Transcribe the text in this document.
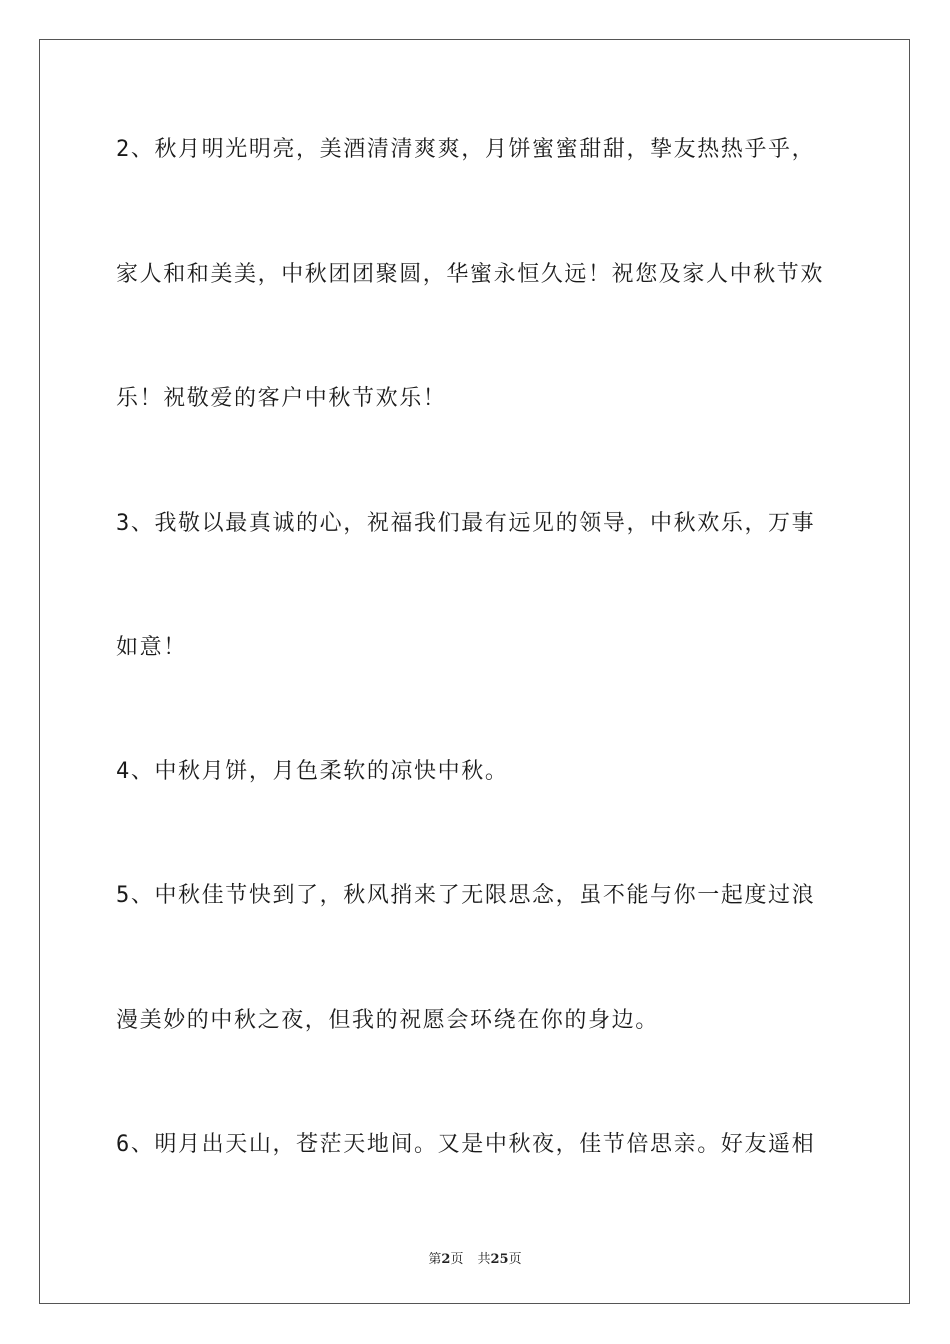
2、秋月明光明亮，美酒清清爽爽，月饼蜜蜜甜甜，挚友热热乎乎，
家人和和美美，中秋团团聚圆，华蜜永恒久远！祝您及家人中秋节欢
乐！祝敬爱的客户中秋节欢乐！
3、我敬以最真诚的心，祝福我们最有远见的领导，中秋欢乐，万事
如意！
4、中秋月饼，月色柔软的凉快中秋。
5、中秋佳节快到了，秋风捎来了无限思念，虽不能与你一起度过浪
漫美妙的中秋之夜，但我的祝愿会环绕在你的身边。
6、明月出天山，苍茫天地间。又是中秋夜，佳节倍思亲。好友遥相
第2页 共25页
